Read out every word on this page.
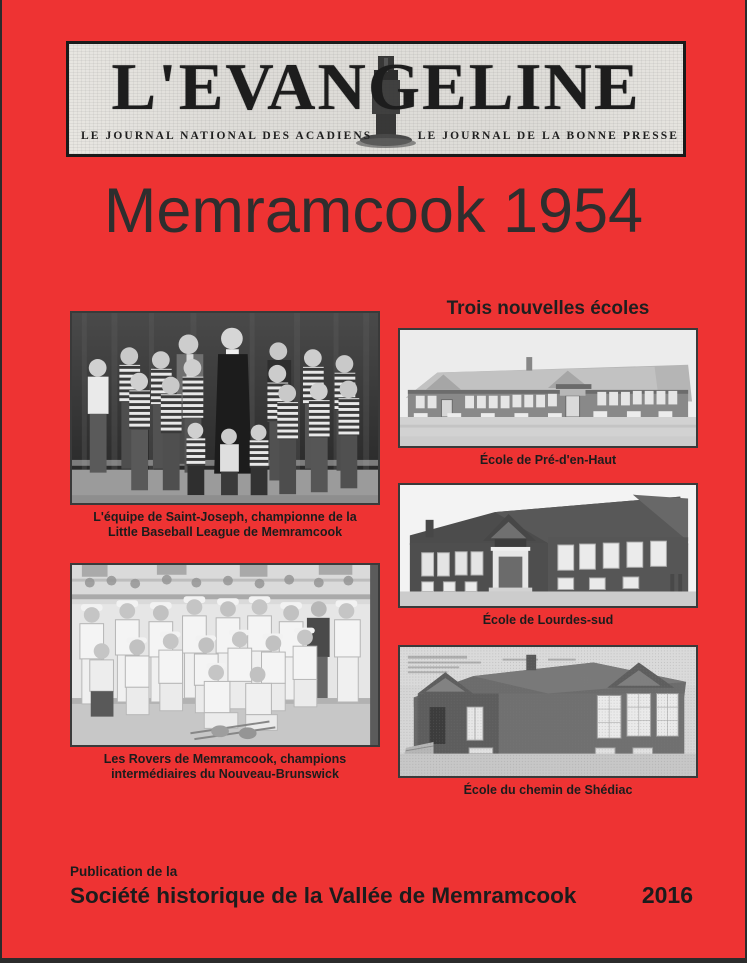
L'EVANGELINE
LE JOURNAL NATIONAL DES ACADIENS	LE JOURNAL DE LA BONNE PRESSE
Memramcook 1954
Trois nouvelles écoles
L'équipe de Saint-Joseph, championne de la
Little Baseball League de Memramcook
Les Rovers de Memramcook, champions
intermédiaires du Nouveau-Brunswick
École de Pré-d'en-Haut
École de Lourdes-sud
École du chemin de Shédiac
Publication de la
Société historique de la Vallée de Memramcook	2016
